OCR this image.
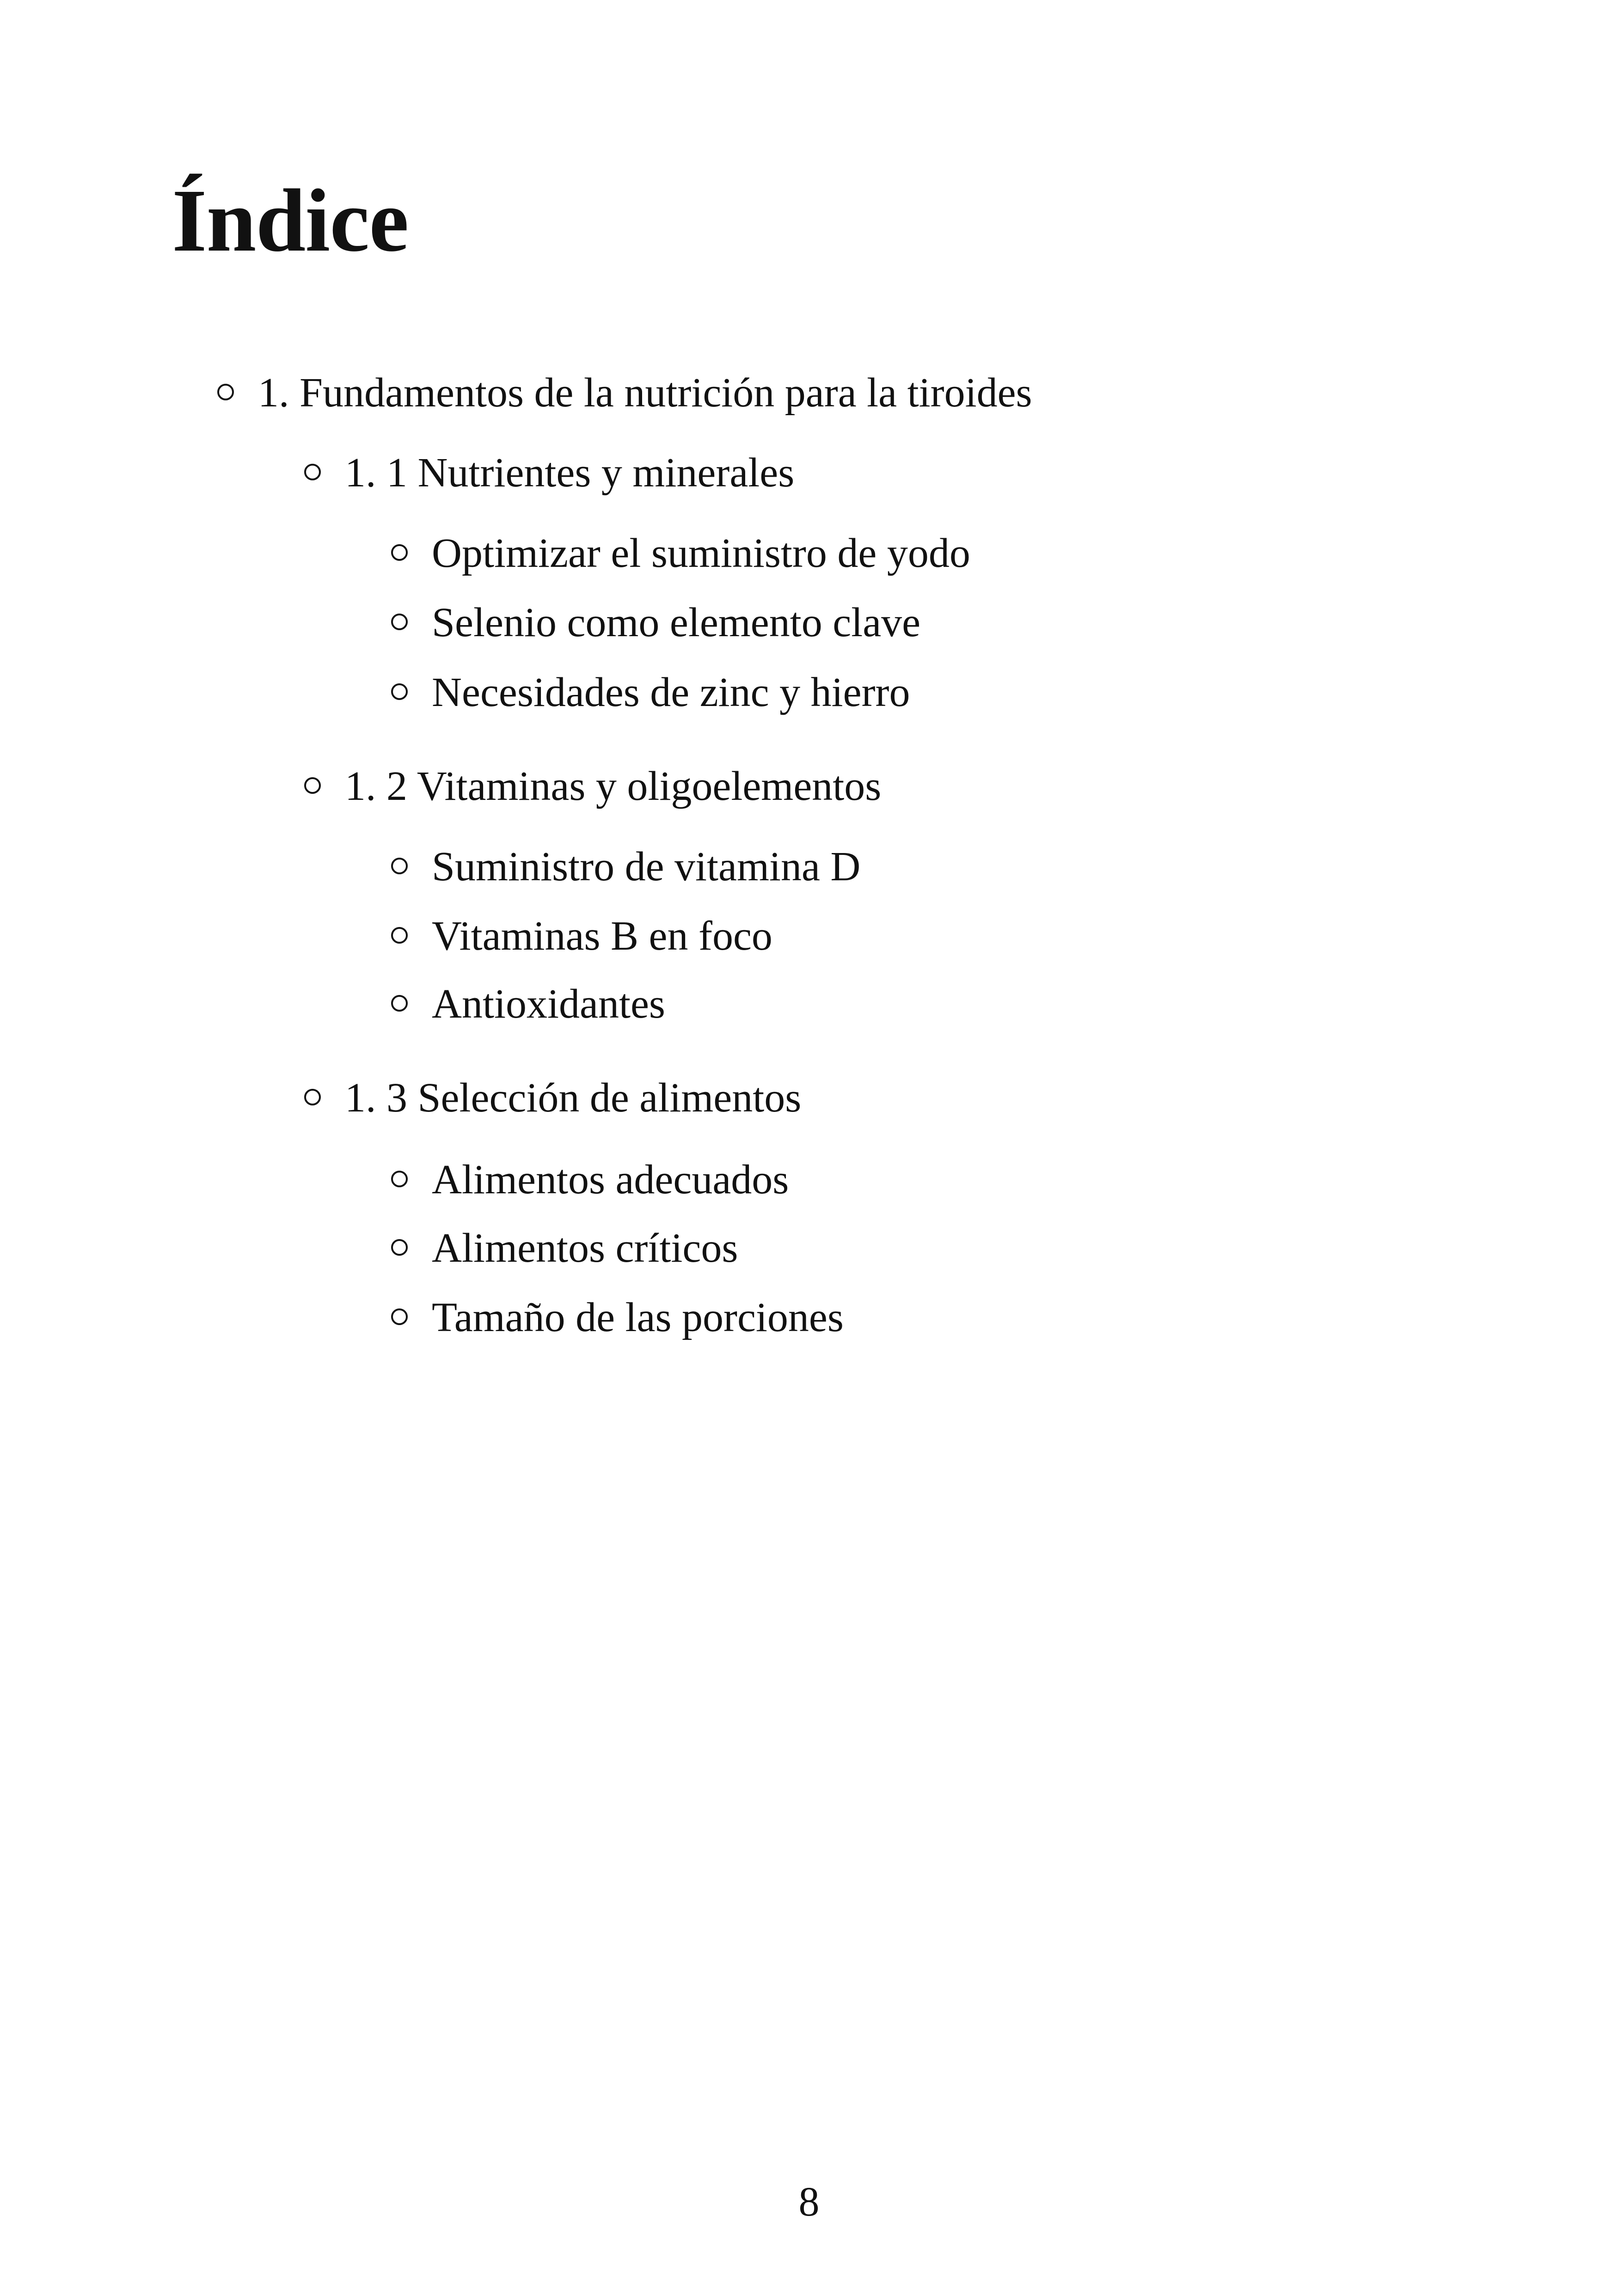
Índice
1. Fundamentos de la nutrición para la tiroides
1. 1 Nutrientes y minerales
Optimizar el suministro de yodo
Selenio como elemento clave
Necesidades de zinc y hierro
1. 2 Vitaminas y oligoelementos
Suministro de vitamina D
Vitaminas B en foco
Antioxidantes
1. 3 Selección de alimentos
Alimentos adecuados
Alimentos críticos
Tamaño de las porciones
8
